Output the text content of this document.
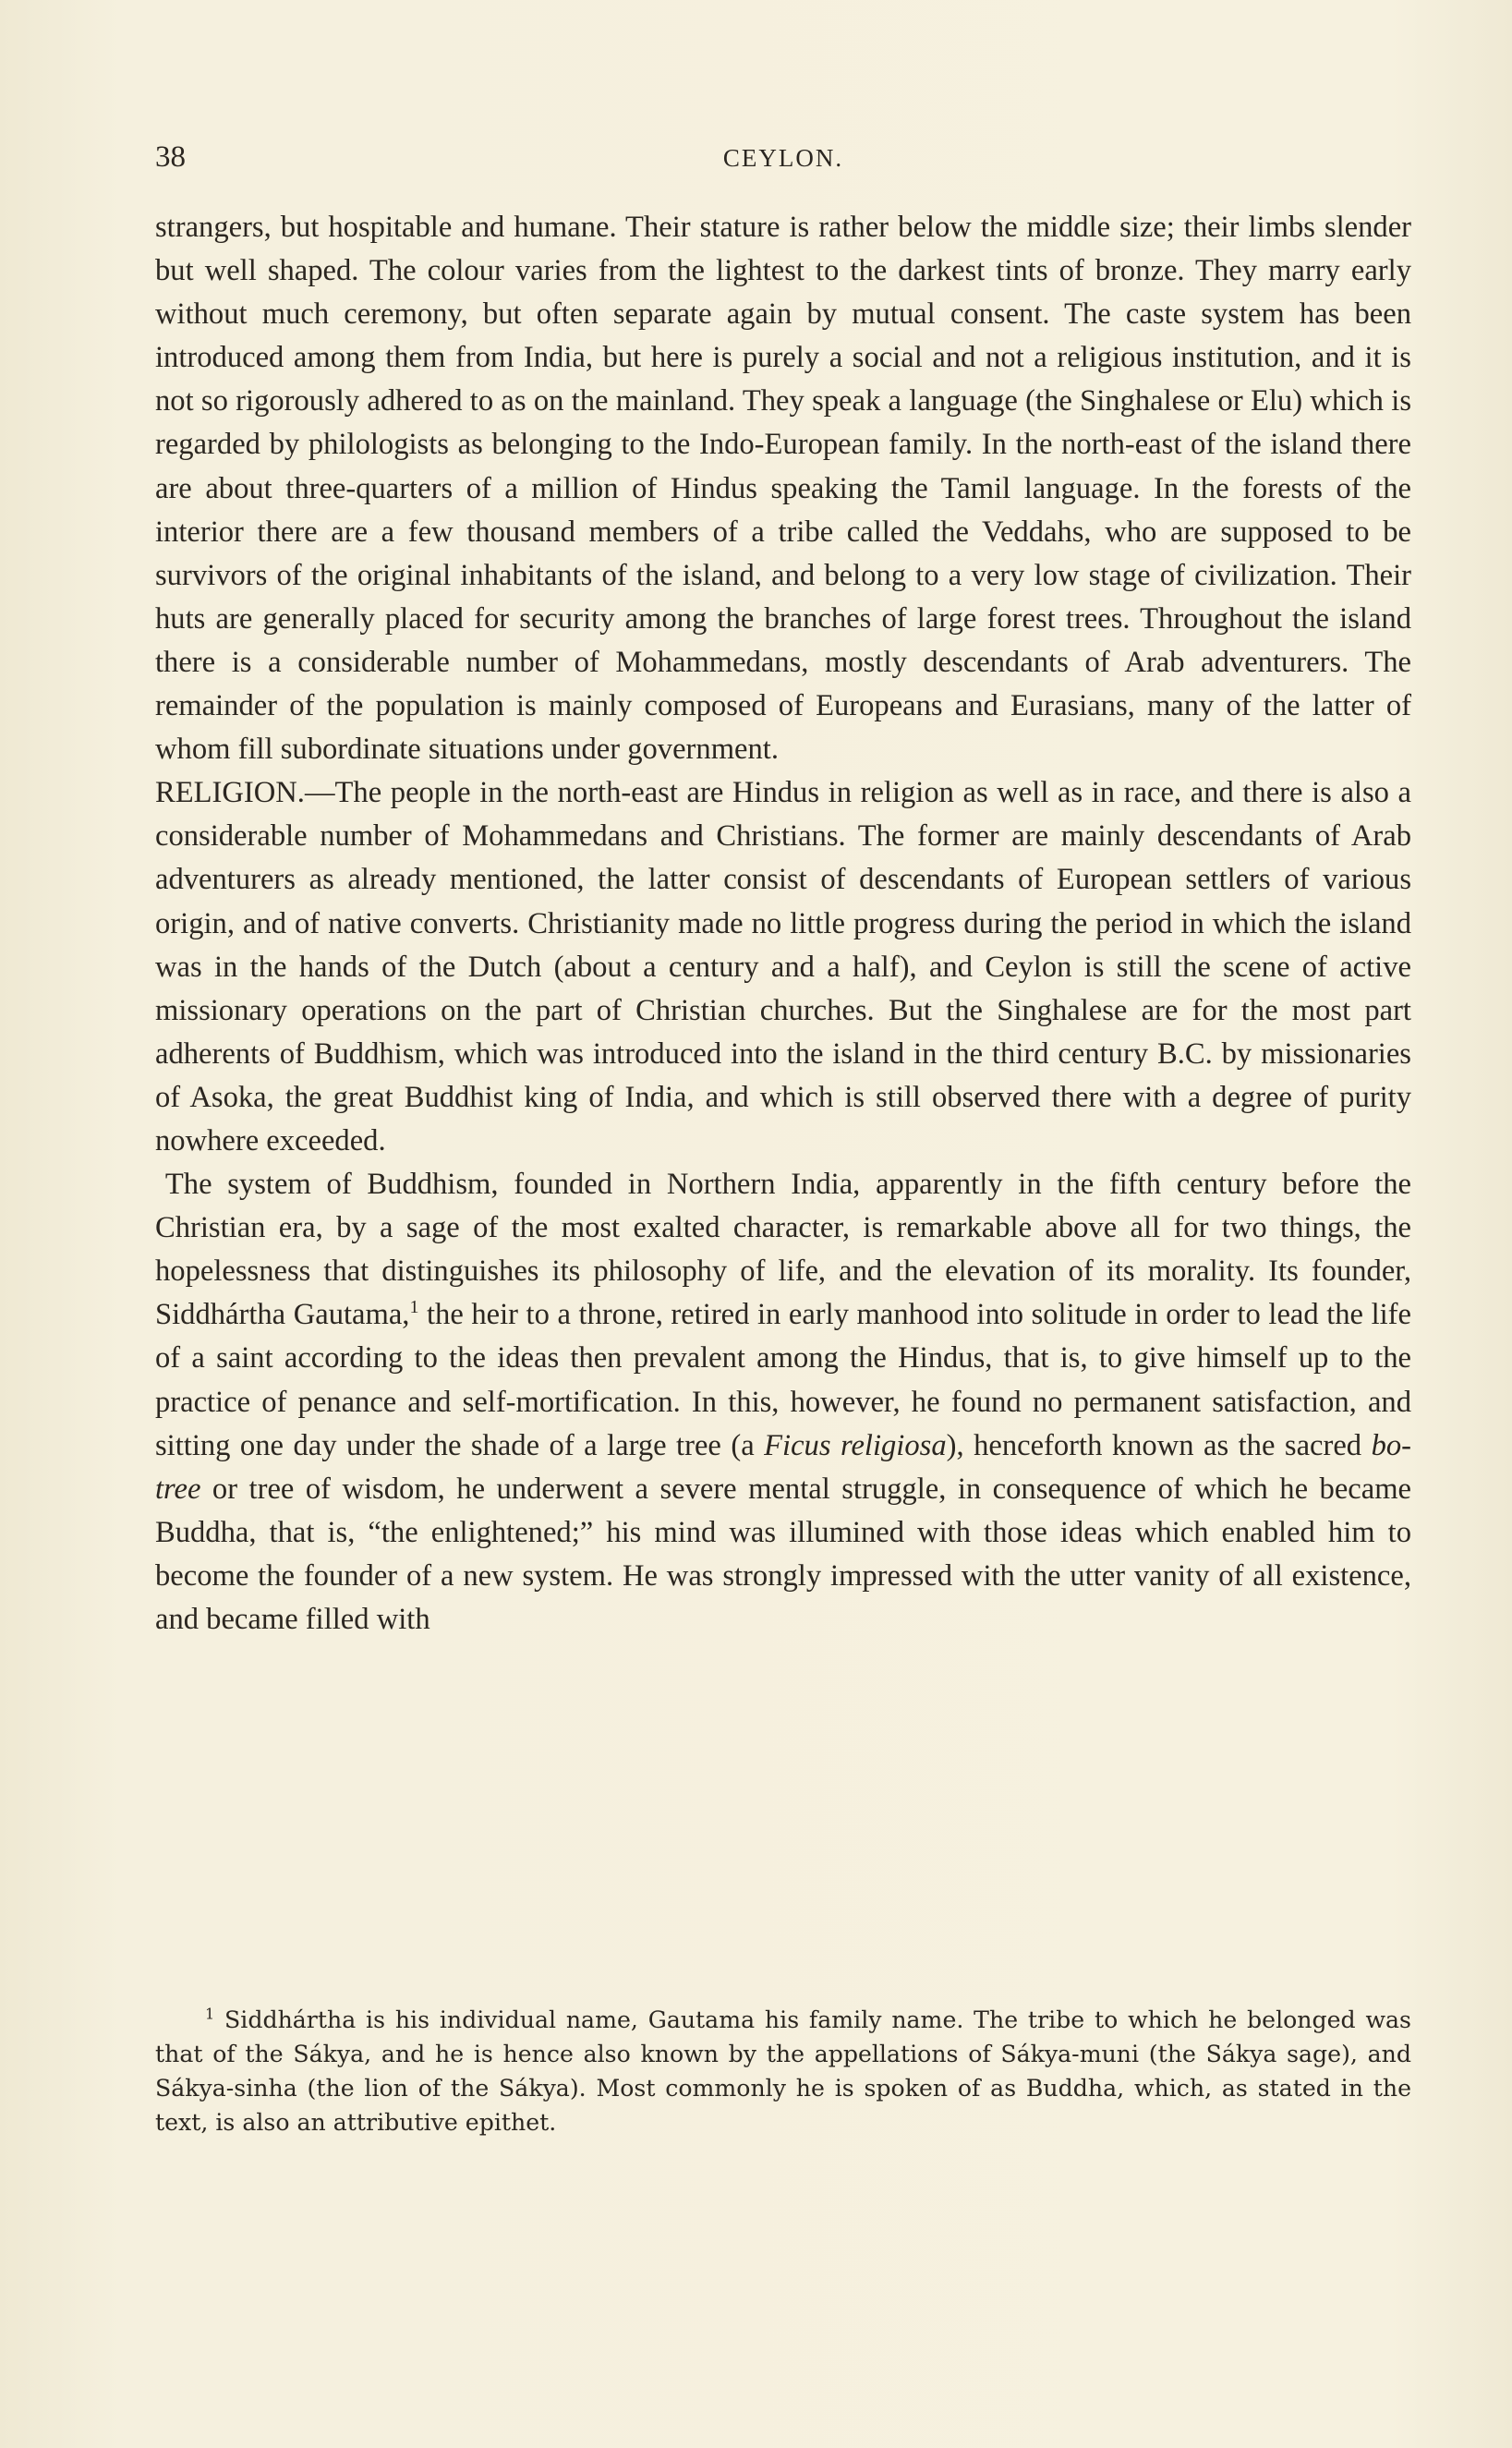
38	CEYLON.

strangers, but hospitable and humane. Their stature is rather below the middle size; their limbs slender but well shaped. The colour varies from the lightest to the darkest tints of bronze. They marry early without much ceremony, but often separate again by mutual consent. The caste system has been introduced among them from India, but here is purely a social and not a religious institution, and it is not so rigorously adhered to as on the mainland. They speak a language (the Singhalese or Elu) which is regarded by philologists as belonging to the Indo-European family. In the north-east of the island there are about three-quarters of a million of Hindus speaking the Tamil language. In the forests of the interior there are a few thousand members of a tribe called the Veddahs, who are supposed to be survivors of the original inhabitants of the island, and belong to a very low stage of civilization. Their huts are generally placed for security among the branches of large forest trees. Throughout the island there is a considerable number of Mohammedans, mostly descendants of Arab adventurers. The remainder of the population is mainly composed of Europeans and Eurasians, many of the latter of whom fill subordinate situations under government.

RELIGION.—The people in the north-east are Hindus in religion as well as in race, and there is also a considerable number of Mohammedans and Christians. The former are mainly descendants of Arab adventurers as already mentioned, the latter consist of descendants of European settlers of various origin, and of native converts. Christianity made no little progress during the period in which the island was in the hands of the Dutch (about a century and a half), and Ceylon is still the scene of active missionary operations on the part of Christian churches. But the Singhalese are for the most part adherents of Buddhism, which was introduced into the island in the third century B.C. by missionaries of Asoka, the great Buddhist king of India, and which is still observed there with a degree of purity nowhere exceeded.

 The system of Buddhism, founded in Northern India, apparently in the fifth century before the Christian era, by a sage of the most exalted character, is remarkable above all for two things, the hopelessness that distinguishes its philosophy of life, and the elevation of its morality. Its founder, Siddhártha Gautama,$^1$ the heir to a throne, retired in early manhood into solitude in order to lead the life of a saint according to the ideas then prevalent among the Hindus, that is, to give himself up to the practice of penance and self-mortification. In this, however, he found no permanent satisfaction, and sitting one day under the shade of a large tree (a Ficus religiosa), henceforth known as the sacred bo-tree or tree of wisdom, he underwent a severe mental struggle, in consequence of which he became Buddha, that is, “the enlightened;” his mind was illumined with those ideas which enabled him to become the founder of a new system. He was strongly impressed with the utter vanity of all existence, and became filled with

$^1$ Siddhártha is his individual name, Gautama his family name. The tribe to which he belonged was that of the Sákya, and he is hence also known by the appellations of Sákya-muni (the Sákya sage), and Sákya-sinha (the lion of the Sákya). Most commonly he is spoken of as Buddha, which, as stated in the text, is also an attributive epithet.
